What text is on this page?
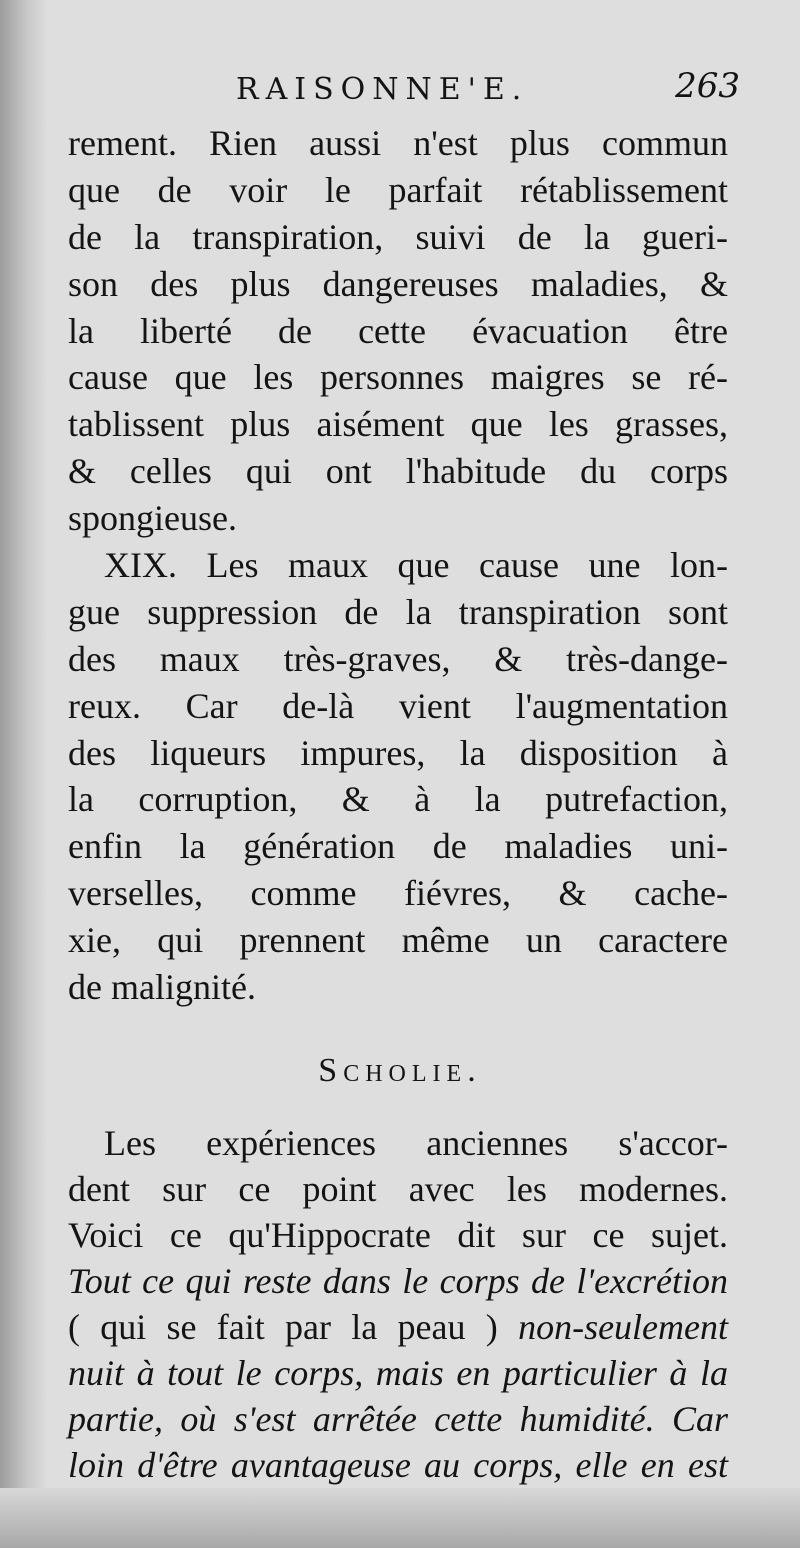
RAISONNE'E.	263
rement. Rien aussi n'est plus commun
que de voir le parfait rétablissement
de la transpiration, suivi de la gueri-
son des plus dangereuses maladies, &
la liberté de cette évacuation être
cause que les personnes maigres se ré-
tablissent plus aisément que les grasses,
& celles qui ont l'habitude du corps
spongieuse.
XIX. Les maux que cause une lon-
gue suppression de la transpiration sont
des maux très-graves, & très-dange-
reux. Car de-là vient l'augmentation
des liqueurs impures, la disposition à
la corruption, & à la putrefaction,
enfin la génération de maladies uni-
verselles, comme fiévres, & cache-
xie, qui prennent même un caractere
de malignité.
Scholie.
Les expériences anciennes s'accor-
dent sur ce point avec les modernes.
Voici ce qu'Hippocrate dit sur ce sujet.
Tout ce qui reste dans le corps de l'excrétion
( qui se fait par la peau ) non-seulement
nuit à tout le corps, mais en particulier à la
partie, où s'est arrêtée cette humidité. Car
loin d'être avantageuse au corps, elle en est
